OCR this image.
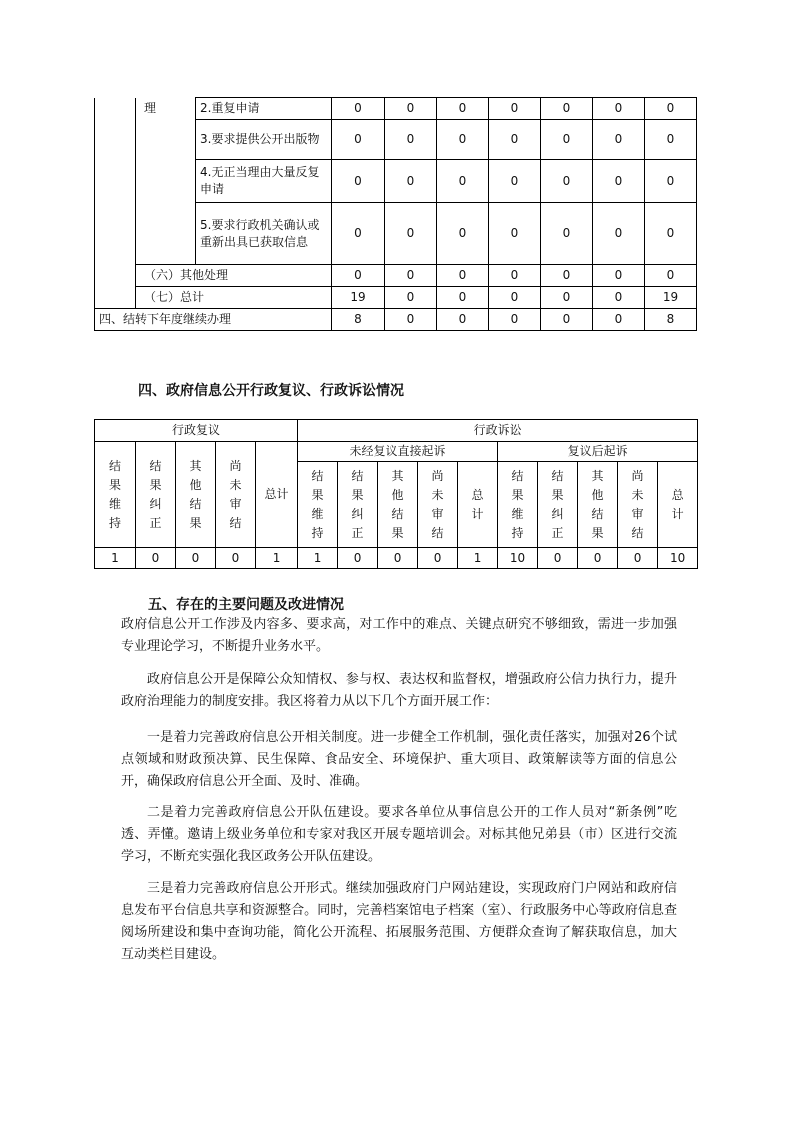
	理	2.重复申请	0	0	0	0	0	0	0
		3.要求提供公开出版物	0	0	0	0	0	0	0
		4.无正当理由大量反复申请	0	0	0	0	0	0	0
		5.要求行政机关确认或重新出具已获取信息	0	0	0	0	0	0	0
	（六）其他处理		0	0	0	0	0	0	0
	（七）总计		19	0	0	0	0	0	19
四、结转下年度继续办理			8	0	0	0	0	0	8
四、政府信息公开行政复议、行政诉讼情况
行政复议					行政诉讼									
结果维持	结果纠正	其他结果	尚未审结	总计	未经复议直接起诉					复议后起诉				
					结果维持	结果纠正	其他结果	尚未审结	总计	结果维持	结果纠正	其他结果	尚未审结	总计
1	0	0	0	1	1	0	0	0	1	10	0	0	0	10
五、存在的主要问题及改进情况

政府信息公开工作涉及内容多、要求高，对工作中的难点、关键点研究不够细致，需进一步加强专业理论学习，不断提升业务水平。

政府信息公开是保障公众知情权、参与权、表达权和监督权，增强政府公信力执行力，提升政府治理能力的制度安排。我区将着力从以下几个方面开展工作：

一是着力完善政府信息公开相关制度。进一步健全工作机制，强化责任落实，加强对26个试点领域和财政预决算、民生保障、食品安全、环境保护、重大项目、政策解读等方面的信息公开，确保政府信息公开全面、及时、准确。

二是着力完善政府信息公开队伍建设。要求各单位从事信息公开的工作人员对“新条例”吃透、弄懂。邀请上级业务单位和专家对我区开展专题培训会。对标其他兄弟县（市）区进行交流学习，不断充实强化我区政务公开队伍建设。

三是着力完善政府信息公开形式。继续加强政府门户网站建设，实现政府门户网站和政府信息发布平台信息共享和资源整合。同时，完善档案馆电子档案（室）、行政服务中心等政府信息查阅场所建设和集中查询功能，简化公开流程、拓展服务范围、方便群众查询了解获取信息，加大互动类栏目建设。
